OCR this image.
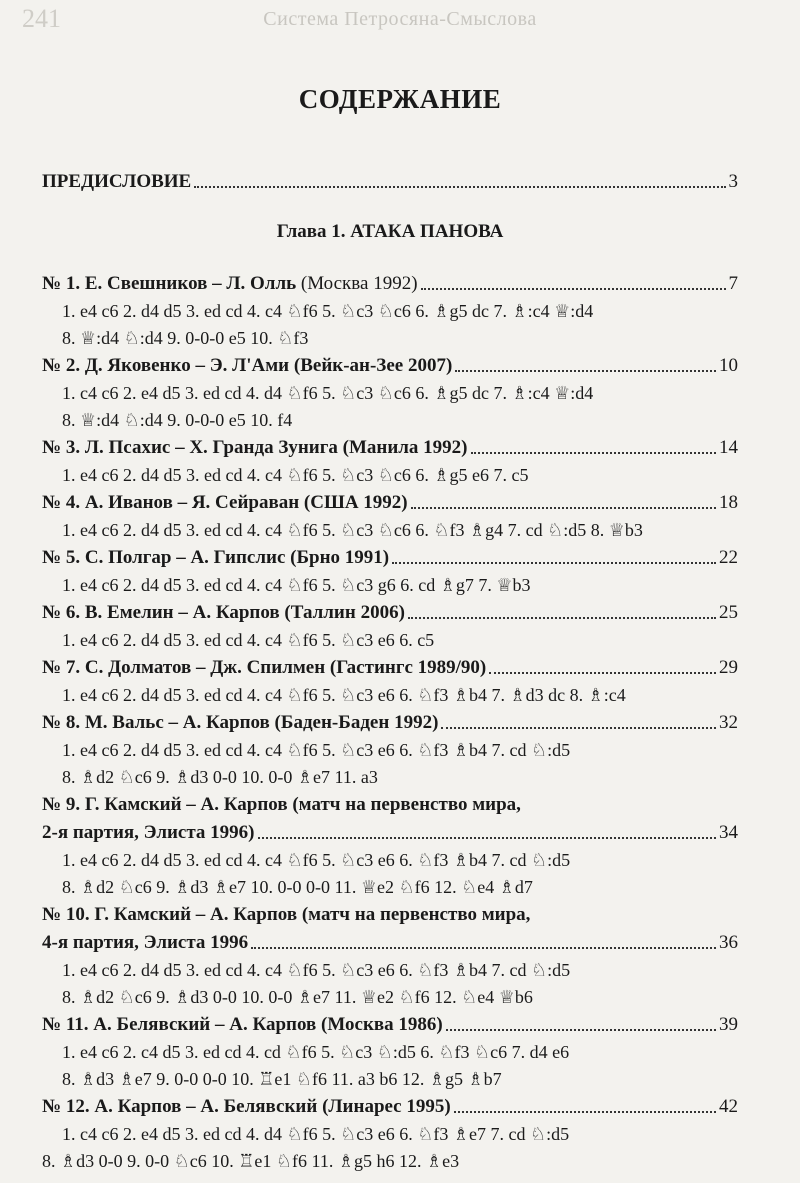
241	Система Петросяна-Смыслова
СОДЕРЖАНИЕ
ПРЕДИСЛОВИЕ	3
Глава 1. АТАКА ПАНОВА
№ 1. Е. Свешников – Л. Олль (Москва 1992)	7
1. e4 c6 2. d4 d5 3. ed cd 4. c4 ♘f6 5. ♘c3 ♘c6 6. ♗g5 dc 7. ♗:c4 ♕:d4
8. ♕:d4 ♘:d4 9. 0-0-0 e5 10. ♘f3
№ 2. Д. Яковенко – Э. Л'Ами (Вейк-ан-Зее 2007)	10
1. c4 c6 2. e4 d5 3. ed cd 4. d4 ♘f6 5. ♘c3 ♘c6 6. ♗g5 dc 7. ♗:c4 ♕:d4
8. ♕:d4 ♘:d4 9. 0-0-0 e5 10. f4
№ 3. Л. Псахис – Х. Гранда Зунига (Манила 1992)	14
1. e4 c6 2. d4 d5 3. ed cd 4. c4 ♘f6 5. ♘c3 ♘c6 6. ♗g5 e6 7. c5
№ 4. А. Иванов – Я. Сейраван (США 1992)	18
1. e4 c6 2. d4 d5 3. ed cd 4. c4 ♘f6 5. ♘c3 ♘c6 6. ♘f3 ♗g4 7. cd ♘:d5 8. ♕b3
№ 5. С. Полгар – А. Гипслис (Брно 1991)	22
1. e4 c6 2. d4 d5 3. ed cd 4. c4 ♘f6 5. ♘c3 g6 6. cd ♗g7 7. ♕b3
№ 6. В. Емелин – А. Карпов (Таллин 2006)	25
1. e4 c6 2. d4 d5 3. ed cd 4. c4 ♘f6 5. ♘c3 e6 6. c5
№ 7. С. Долматов – Дж. Спилмен (Гастингс 1989/90)	29
1. e4 c6 2. d4 d5 3. ed cd 4. c4 ♘f6 5. ♘c3 e6 6. ♘f3 ♗b4 7. ♗d3 dc 8. ♗:c4
№ 8. М. Вальс – А. Карпов (Баден-Баден 1992)	32
1. e4 c6 2. d4 d5 3. ed cd 4. c4 ♘f6 5. ♘c3 e6 6. ♘f3 ♗b4 7. cd ♘:d5
8. ♗d2 ♘c6 9. ♗d3 0-0 10. 0-0 ♗e7 11. a3
№ 9. Г. Камский – А. Карпов (матч на первенство мира,
2-я партия, Элиста 1996)	34
1. e4 c6 2. d4 d5 3. ed cd 4. c4 ♘f6 5. ♘c3 e6 6. ♘f3 ♗b4 7. cd ♘:d5
8. ♗d2 ♘c6 9. ♗d3 ♗e7 10. 0-0 0-0 11. ♕e2 ♘f6 12. ♘e4 ♗d7
№ 10. Г. Камский – А. Карпов (матч на первенство мира,
4-я партия, Элиста 1996	36
1. e4 c6 2. d4 d5 3. ed cd 4. c4 ♘f6 5. ♘c3 e6 6. ♘f3 ♗b4 7. cd ♘:d5
8. ♗d2 ♘c6 9. ♗d3 0-0 10. 0-0 ♗e7 11. ♕e2 ♘f6 12. ♘e4 ♕b6
№ 11. А. Белявский – А. Карпов (Москва 1986)	39
1. e4 c6 2. c4 d5 3. ed cd 4. cd ♘f6 5. ♘c3 ♘:d5 6. ♘f3 ♘c6 7. d4 e6
8. ♗d3 ♗e7 9. 0-0 0-0 10. ♖e1 ♘f6 11. a3 b6 12. ♗g5 ♗b7
№ 12. А. Карпов – А. Белявский (Линарес 1995)	42
1. c4 c6 2. e4 d5 3. ed cd 4. d4 ♘f6 5. ♘c3 e6 6. ♘f3 ♗e7 7. cd ♘:d5
8. ♗d3 0-0 9. 0-0 ♘c6 10. ♖e1 ♘f6 11. ♗g5 h6 12. ♗e3
